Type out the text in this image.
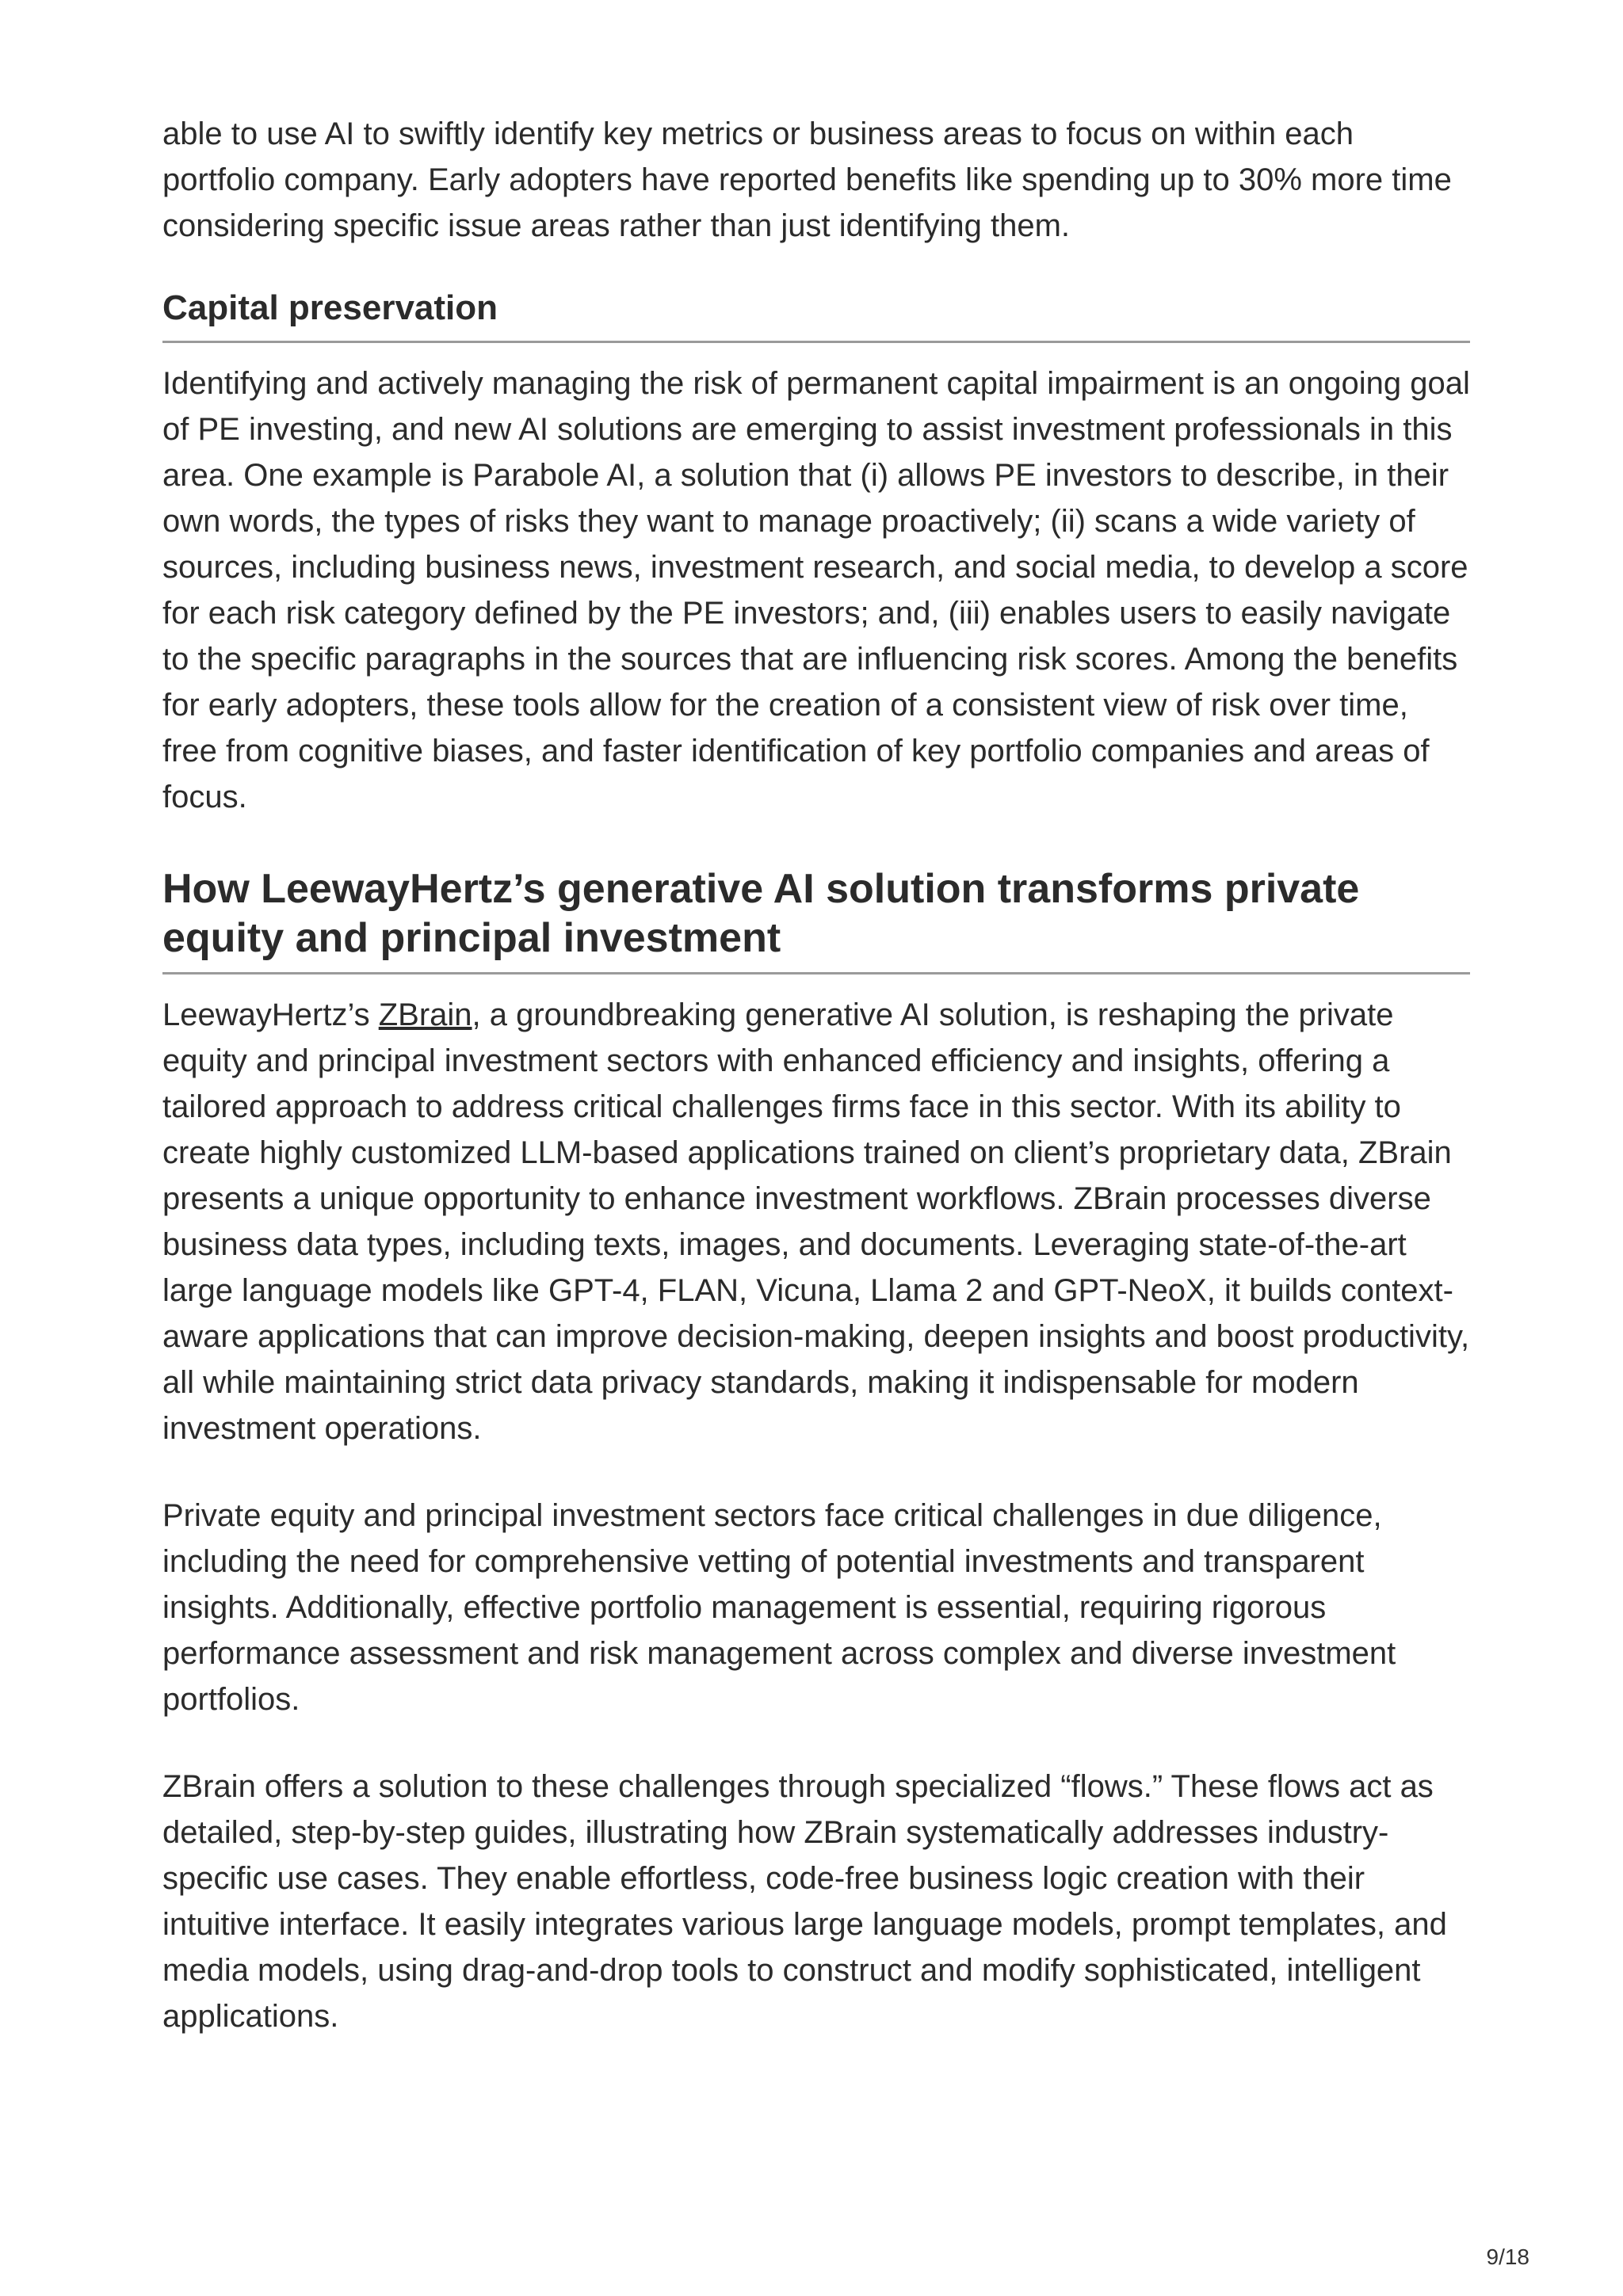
able to use AI to swiftly identify key metrics or business areas to focus on within each portfolio company. Early adopters have reported benefits like spending up to 30% more time considering specific issue areas rather than just identifying them.

Capital preservation

Identifying and actively managing the risk of permanent capital impairment is an ongoing goal of PE investing, and new AI solutions are emerging to assist investment professionals in this area. One example is Parabole AI, a solution that (i) allows PE investors to describe, in their own words, the types of risks they want to manage proactively; (ii) scans a wide variety of sources, including business news, investment research, and social media, to develop a score for each risk category defined by the PE investors; and, (iii) enables users to easily navigate to the specific paragraphs in the sources that are influencing risk scores. Among the benefits for early adopters, these tools allow for the creation of a consistent view of risk over time, free from cognitive biases, and faster identification of key portfolio companies and areas of focus.

How LeewayHertz’s generative AI solution transforms private equity and principal investment

LeewayHertz’s ZBrain, a groundbreaking generative AI solution, is reshaping the private equity and principal investment sectors with enhanced efficiency and insights, offering a tailored approach to address critical challenges firms face in this sector. With its ability to create highly customized LLM-based applications trained on client’s proprietary data, ZBrain presents a unique opportunity to enhance investment workflows. ZBrain processes diverse business data types, including texts, images, and documents. Leveraging state-of-the-art large language models like GPT-4, FLAN, Vicuna, Llama 2 and GPT-NeoX, it builds context-aware applications that can improve decision-making, deepen insights and boost productivity, all while maintaining strict data privacy standards, making it indispensable for modern investment operations.

Private equity and principal investment sectors face critical challenges in due diligence, including the need for comprehensive vetting of potential investments and transparent insights. Additionally, effective portfolio management is essential, requiring rigorous performance assessment and risk management across complex and diverse investment portfolios.

ZBrain offers a solution to these challenges through specialized “flows.” These flows act as detailed, step-by-step guides, illustrating how ZBrain systematically addresses industry-specific use cases. They enable effortless, code-free business logic creation with their intuitive interface. It easily integrates various large language models, prompt templates, and media models, using drag-and-drop tools to construct and modify sophisticated, intelligent applications.

9/18
